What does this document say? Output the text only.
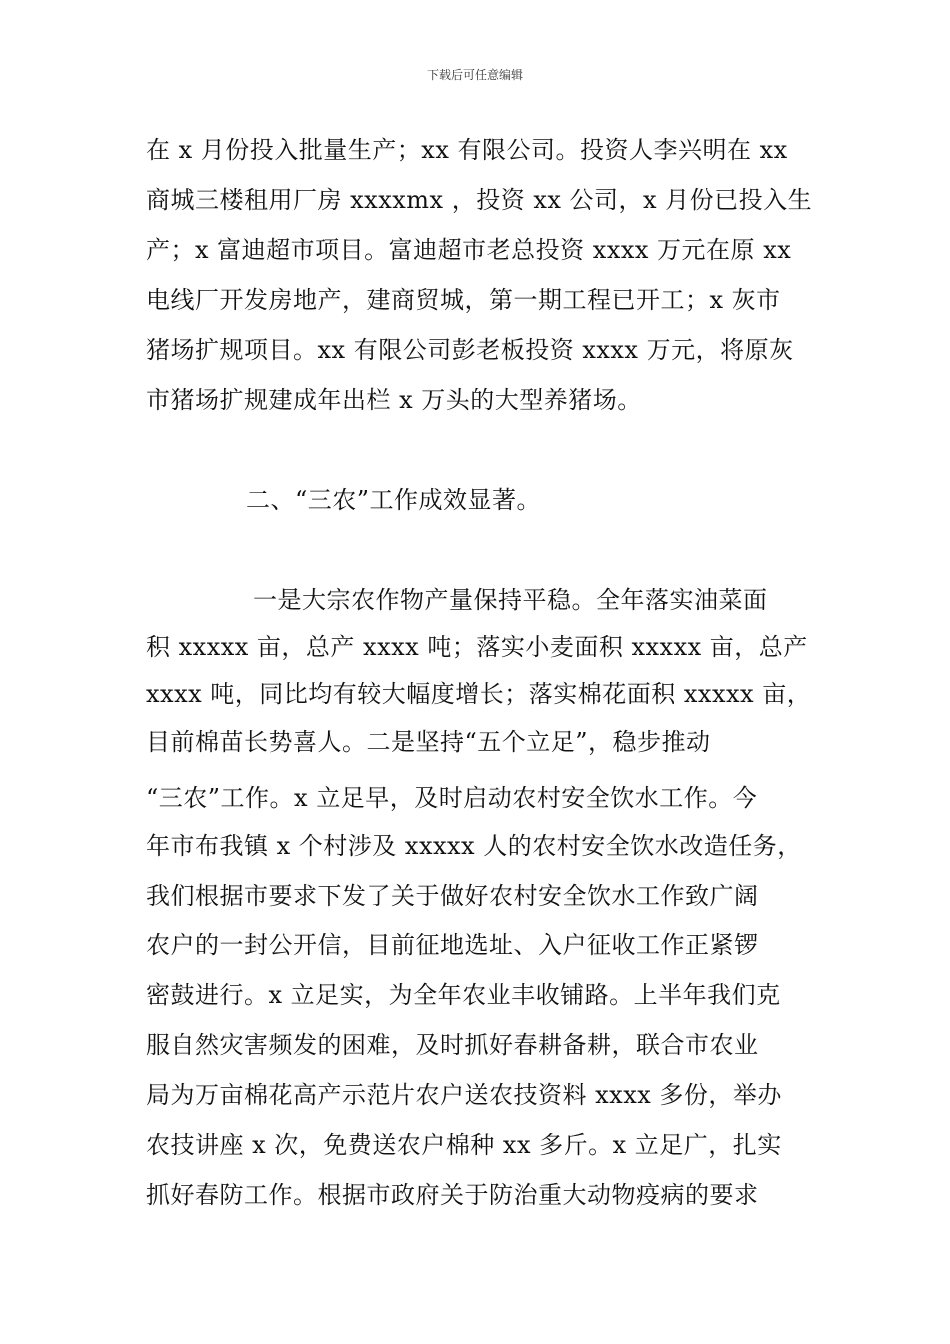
下载后可任意编辑
在 x 月份投入批量生产；xx 有限公司。投资人李兴明在 xx
商城三楼租用厂房 xxxxmx ，投资 xx 公司，x 月份已投入生
产；x 富迪超市项目。富迪超市老总投资 xxxx 万元在原 xx
电线厂开发房地产，建商贸城，第一期工程已开工；x 灰市
猪场扩规项目。xx 有限公司彭老板投资 xxxx 万元，将原灰
市猪场扩规建成年出栏 x 万头的大型养猪场。
二、“三农”工作成效显著。
一是大宗农作物产量保持平稳。全年落实油菜面
积 xxxxx 亩，总产 xxxx 吨；落实小麦面积 xxxxx 亩，总产
xxxx 吨，同比均有较大幅度增长；落实棉花面积 xxxxx 亩，
目前棉苗长势喜人。二是坚持“五个立足”，稳步推动
“三农”工作。x 立足早，及时启动农村安全饮水工作。今
年市布我镇 x 个村涉及 xxxxx 人的农村安全饮水改造任务，
我们根据市要求下发了关于做好农村安全饮水工作致广阔
农户的一封公开信，目前征地选址、入户征收工作正紧锣
密鼓进行。x 立足实，为全年农业丰收铺路。上半年我们克
服自然灾害频发的困难，及时抓好春耕备耕，联合市农业
局为万亩棉花高产示范片农户送农技资料 xxxx 多份，举办
农技讲座 x 次，免费送农户棉种 xx 多斤。x 立足广，扎实
抓好春防工作。根据市政府关于防治重大动物疫病的要求
